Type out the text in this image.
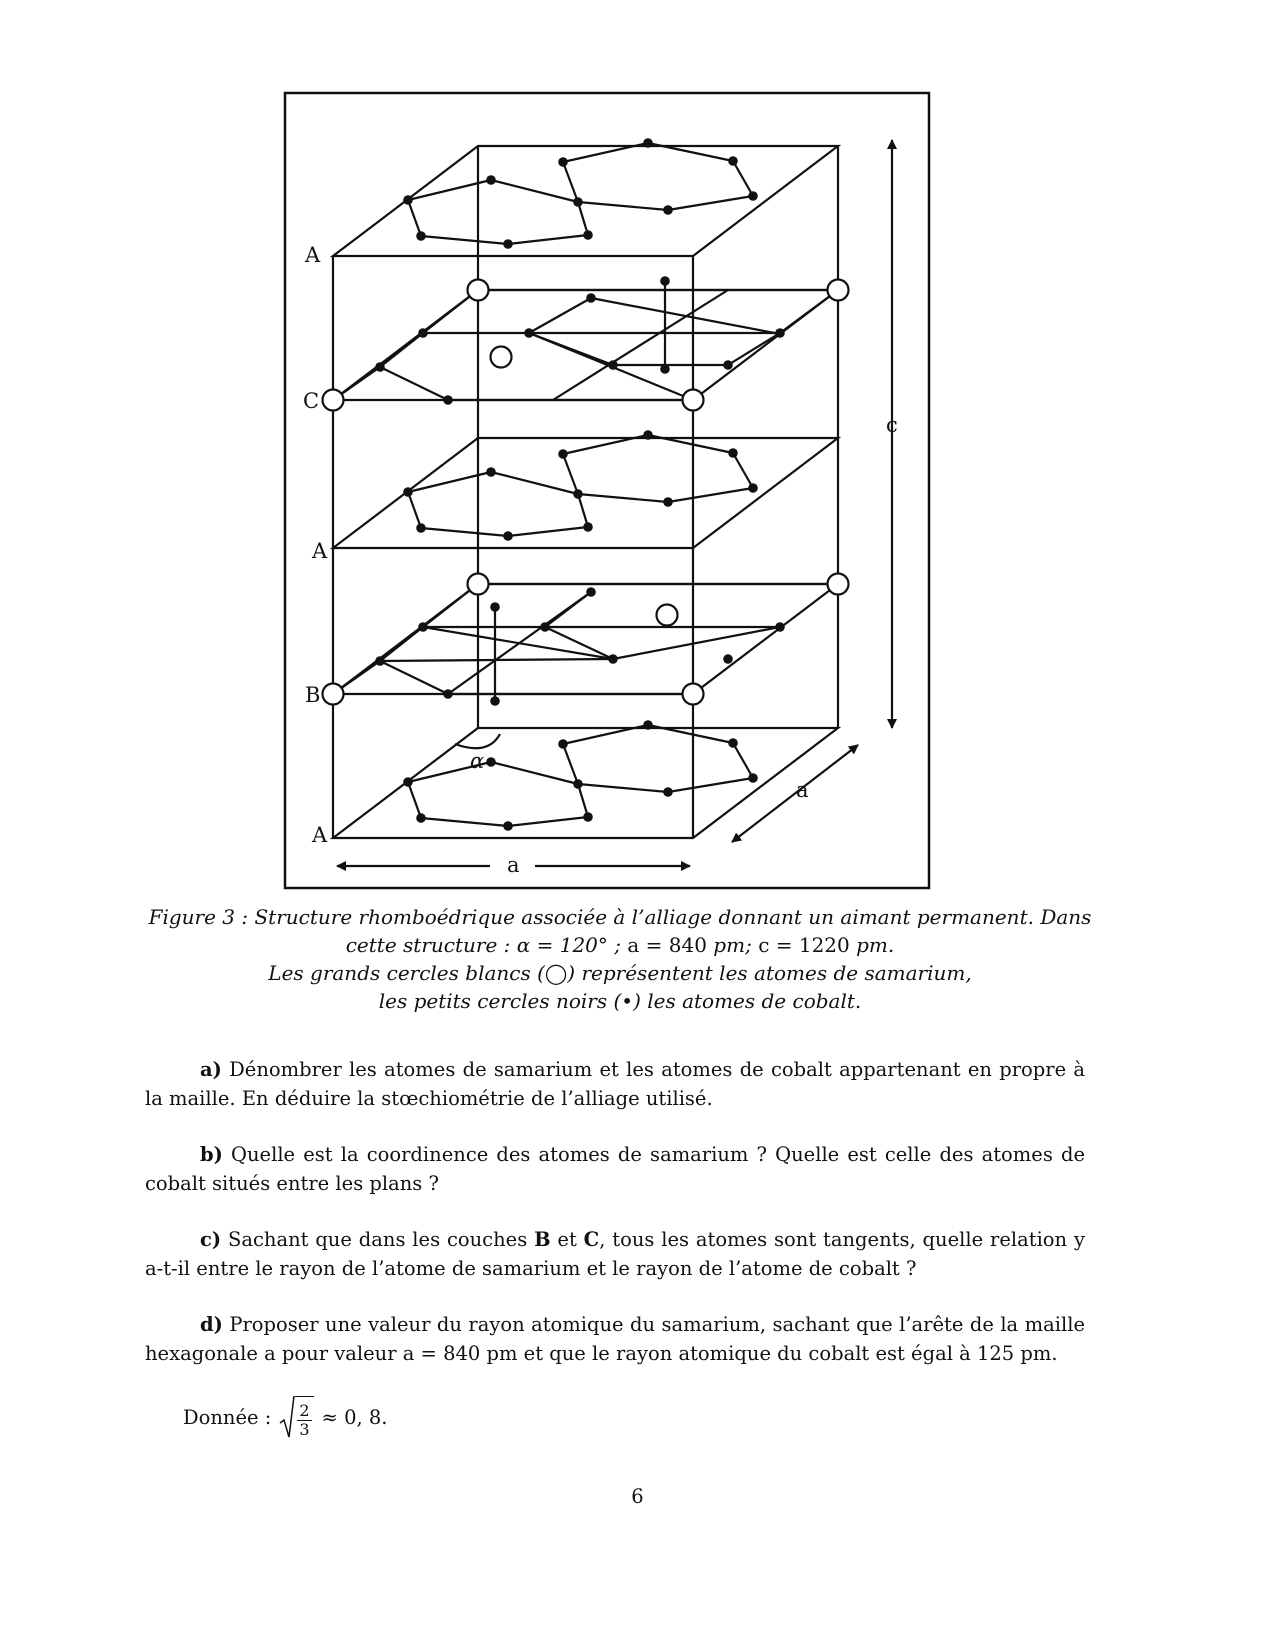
A
C
A
B
A
c
a
a
α
Figure 3 : Structure rhomboédrique associée à l’alliage donnant un aimant permanent. Dans
cette structure : α = 120° ; a = 840 pm; c = 1220 pm.
Les grands cercles blancs (◯) représentent les atomes de samarium,
les petits cercles noirs (•) les atomes de cobalt.
a) Dénombrer les atomes de samarium et les atomes de cobalt appartenant en propre à la maille. En déduire la stœchiométrie de l’alliage utilisé.
b) Quelle est la coordinence des atomes de samarium ? Quelle est celle des atomes de cobalt situés entre les plans ?
c) Sachant que dans les couches B et C, tous les atomes sont tangents, quelle relation y a-t-il entre le rayon de l’atome de samarium et le rayon de l’atome de cobalt ?
d) Proposer une valeur du rayon atomique du samarium, sachant que l’arête de la maille hexagonale a pour valeur a = 840 pm et que le rayon atomique du cobalt est égal à 125 pm.
Donnée : $\frac{2}{3} \approx 0$, 8.
6
